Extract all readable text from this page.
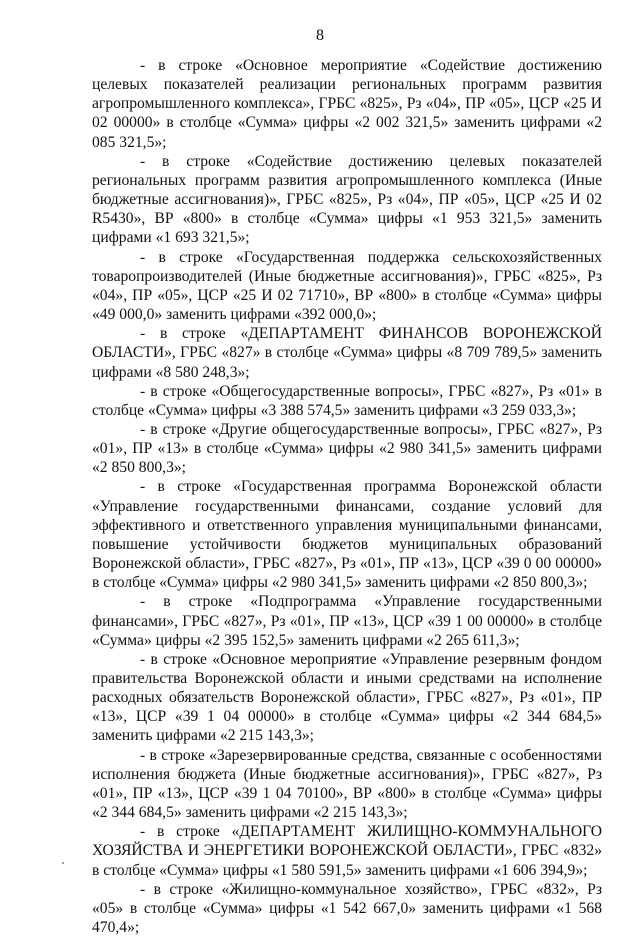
8

- в строке «Основное мероприятие «Содействие достижению целевых показателей реализации региональных программ развития агропромышленного комплекса», ГРБС «825», Рз «04», ПР «05», ЦСР «25 И 02 00000» в столбце «Сумма» цифры «2 002 321,5» заменить цифрами «2 085 321,5»;

- в строке «Содействие достижению целевых показателей региональных программ развития агропромышленного комплекса (Иные бюджетные ассигнования)», ГРБС «825», Рз «04», ПР «05», ЦСР «25 И 02 R5430», ВР «800» в столбце «Сумма» цифры «1 953 321,5» заменить цифрами «1 693 321,5»;

- в строке «Государственная поддержка сельскохозяйственных товаропроизводителей (Иные бюджетные ассигнования)», ГРБС «825», Рз «04», ПР «05», ЦСР «25 И 02 71710», ВР «800» в столбце «Сумма» цифры «49 000,0» заменить цифрами «392 000,0»;

- в строке «ДЕПАРТАМЕНТ ФИНАНСОВ ВОРОНЕЖСКОЙ ОБЛАСТИ», ГРБС «827» в столбце «Сумма» цифры «8 709 789,5» заменить цифрами «8 580 248,3»;

- в строке «Общегосударственные вопросы», ГРБС «827», Рз «01» в столбце «Сумма» цифры «3 388 574,5» заменить цифрами «3 259 033,3»;

- в строке «Другие общегосударственные вопросы», ГРБС «827», Рз «01», ПР «13» в столбце «Сумма» цифры «2 980 341,5» заменить цифрами «2 850 800,3»;

- в строке «Государственная программа Воронежской области «Управление государственными финансами, создание условий для эффективного и ответственного управления муниципальными финансами, повышение устойчивости бюджетов муниципальных образований Воронежской области», ГРБС «827», Рз «01», ПР «13», ЦСР «39 0 00 00000» в столбце «Сумма» цифры «2 980 341,5» заменить цифрами «2 850 800,3»;

- в строке «Подпрограмма «Управление государственными финансами», ГРБС «827», Рз «01», ПР «13», ЦСР «39 1 00 00000» в столбце «Сумма» цифры «2 395 152,5» заменить цифрами «2 265 611,3»;

- в строке «Основное мероприятие «Управление резервным фондом правительства Воронежской области и иными средствами на исполнение расходных обязательств Воронежской области», ГРБС «827», Рз «01», ПР «13», ЦСР «39 1 04 00000» в столбце «Сумма» цифры «2 344 684,5» заменить цифрами «2 215 143,3»;

- в строке «Зарезервированные средства, связанные с особенностями исполнения бюджета (Иные бюджетные ассигнования)», ГРБС «827», Рз «01», ПР «13», ЦСР «39 1 04 70100», ВР «800» в столбце «Сумма» цифры «2 344 684,5» заменить цифрами «2 215 143,3»;

- в строке «ДЕПАРТАМЕНТ ЖИЛИЩНО-КОММУНАЛЬНОГО ХОЗЯЙСТВА И ЭНЕРГЕТИКИ ВОРОНЕЖСКОЙ ОБЛАСТИ», ГРБС «832» в столбце «Сумма» цифры «1 580 591,5» заменить цифрами «1 606 394,9»;

- в строке «Жилищно-коммунальное хозяйство», ГРБС «832», Рз «05» в столбце «Сумма» цифры «1 542 667,0» заменить цифрами «1 568 470,4»;
